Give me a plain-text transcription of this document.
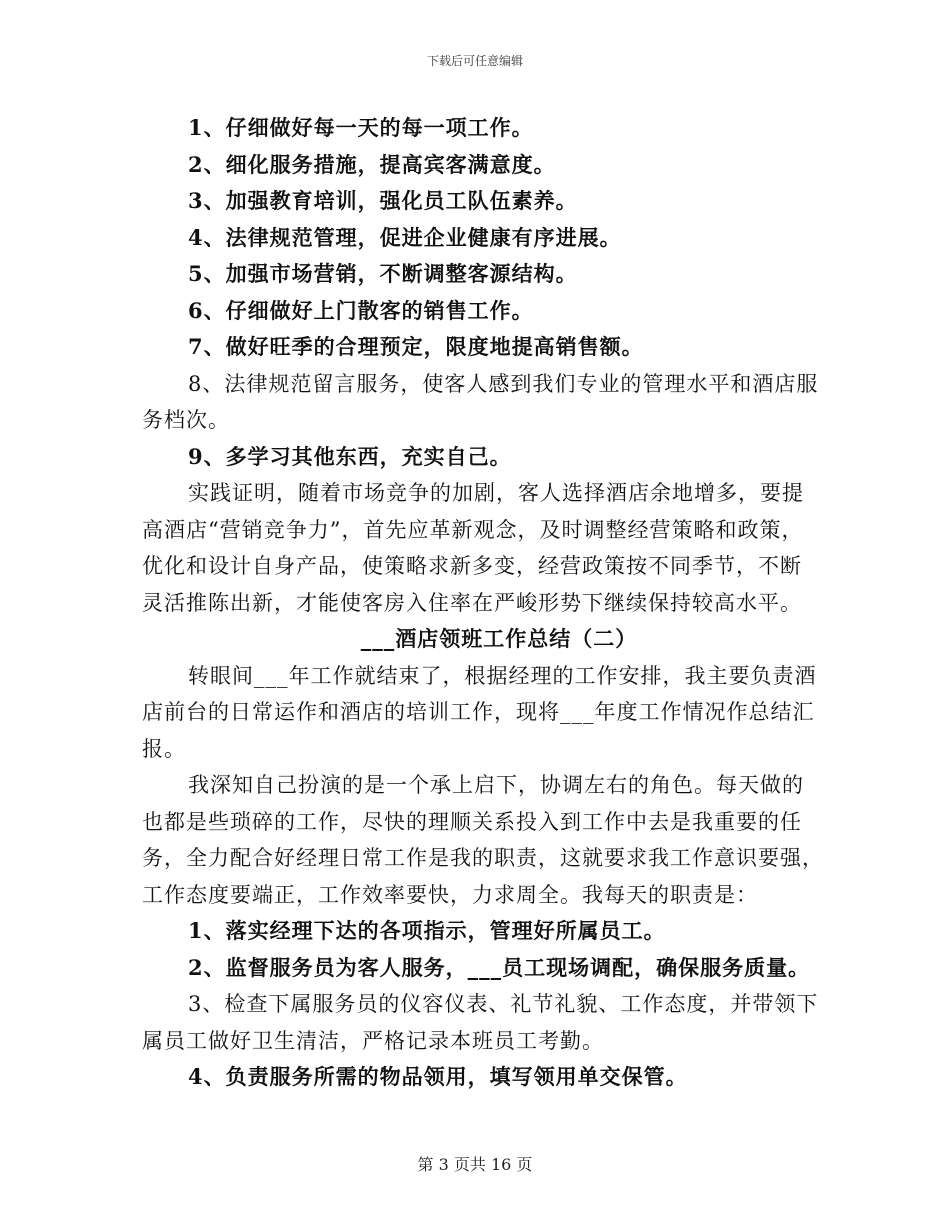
下载后可任意编辑

1、仔细做好每一天的每一项工作。

2、细化服务措施，提高宾客满意度。

3、加强教育培训，强化员工队伍素养。

4、法律规范管理，促进企业健康有序进展。

5、加强市场营销，不断调整客源结构。

6、仔细做好上门散客的销售工作。

7、做好旺季的合理预定，限度地提高销售额。

8、法律规范留言服务，使客人感到我们专业的管理水平和酒店服

务档次。

9、多学习其他东西，充实自己。

实践证明，随着市场竞争的加剧，客人选择酒店余地增多，要提

高酒店“营销竞争力”，首先应革新观念，及时调整经营策略和政策，

优化和设计自身产品，使策略求新多变，经营政策按不同季节，不断

灵活推陈出新，才能使客房入住率在严峻形势下继续保持较高水平。

___酒店领班工作总结（二）

转眼间___年工作就结束了，根据经理的工作安排，我主要负责酒

店前台的日常运作和酒店的培训工作，现将___年度工作情况作总结汇

报。

我深知自己扮演的是一个承上启下，协调左右的角色。每天做的

也都是些琐碎的工作，尽快的理顺关系投入到工作中去是我重要的任

务，全力配合好经理日常工作是我的职责，这就要求我工作意识要强，

工作态度要端正，工作效率要快，力求周全。我每天的职责是：

1、落实经理下达的各项指示，管理好所属员工。

2、监督服务员为客人服务，___员工现场调配，确保服务质量。

3、检查下属服务员的仪容仪表、礼节礼貌、工作态度，并带领下

属员工做好卫生清洁，严格记录本班员工考勤。

4、负责服务所需的物品领用，填写领用单交保管。

第 3 页共 16 页
